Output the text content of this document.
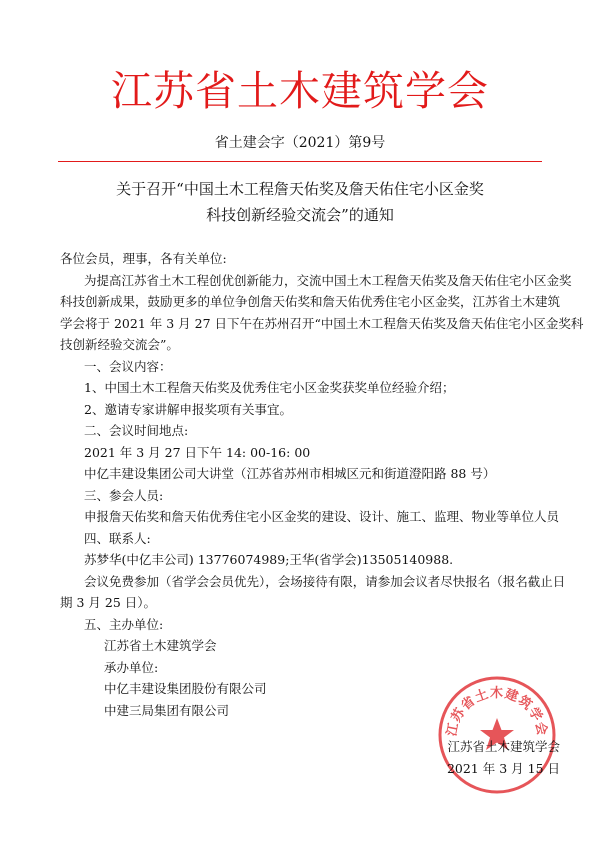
江苏省土木建筑学会
省土建会字（2021）第9号
关于召开“中国土木工程詹天佑奖及詹天佑住宅小区金奖
科技创新经验交流会”的通知

各位会员，理事，各有关单位:

为提高江苏省土木工程创优创新能力，交流中国土木工程詹天佑奖及詹天佑住宅小区金奖

科技创新成果，鼓励更多的单位争创詹天佑奖和詹天佑优秀住宅小区金奖，江苏省土木建筑

学会将于 2021 年 3 月 27 日下午在苏州召开“中国土木工程詹天佑奖及詹天佑住宅小区金奖科

技创新经验交流会”。

一、会议内容：

1、中国土木工程詹天佑奖及优秀住宅小区金奖获奖单位经验介绍；

2、邀请专家讲解申报奖项有关事宜。

二、会议时间地点:

2021 年 3 月 27 日下午 14: 00-16: 00

中亿丰建设集团公司大讲堂（江苏省苏州市相城区元和街道澄阳路 88 号）

三、参会人员:

申报詹天佑奖和詹天佑优秀住宅小区金奖的建设、设计、施工、监理、物业等单位人员

四、联系人:

苏梦华(中亿丰公司) 13776074989;王华(省学会)13505140988.

会议免费参加（省学会会员优先），会场接待有限，请参加会议者尽快报名（报名截止日

期 3 月 25 日）。

五、主办单位:

江苏省土木建筑学会

承办单位:

中亿丰建设集团股份有限公司

中建三局集团有限公司

江苏省土木建筑学会
江苏省土木建筑学会
2021 年 3 月 15 日
